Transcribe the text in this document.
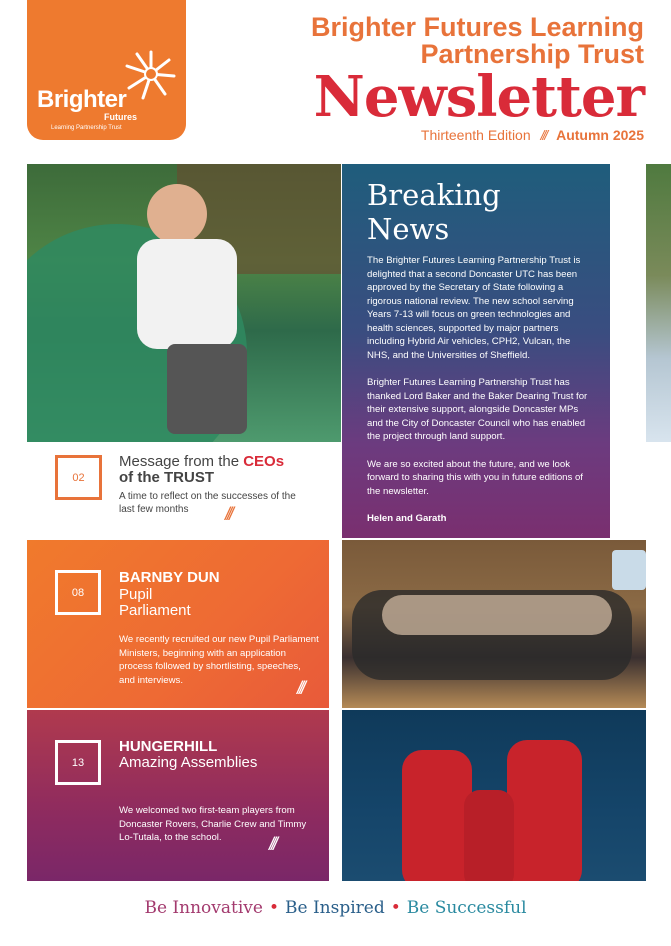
Brighter
Futures
Learning Partnership Trust
Brighter Futures Learning
Partnership Trust
Newsletter
Thirteenth Edition /// Autumn 2025
Breaking News

The Brighter Futures Learning Partnership Trust is delighted that a second Doncaster UTC has been approved by the Secretary of State following a rigorous national review. The new school serving Years 7-13 will focus on green technologies and health sciences, supported by major partners including Hybrid Air vehicles, CPH2, Vulcan, the NHS, and the Universities of Sheffield.

Brighter Futures Learning Partnership Trust has thanked Lord Baker and the Baker Dearing Trust for their extensive support, alongside Doncaster MPs and the City of Doncaster Council who has enabled the project through land support.

We are so excited about the future, and we look forward to sharing this with you in future editions of the newsletter.

Helen and Garath

02
Message from the CEOs
of the TRUST
A time to reflect on the successes of the last few months	///
08
BARNBY DUN
Pupil
Parliament
We recently recruited our new Pupil Parliament Ministers, beginning with an application process followed by shortlisting, speeches, and interviews.	///
13
HUNGERHILL
Amazing Assemblies
We welcomed two first-team players from Doncaster Rovers, Charlie Crew and Timmy Lo-Tutala, to the school.	///
Be Innovative • Be Inspired • Be Successful
